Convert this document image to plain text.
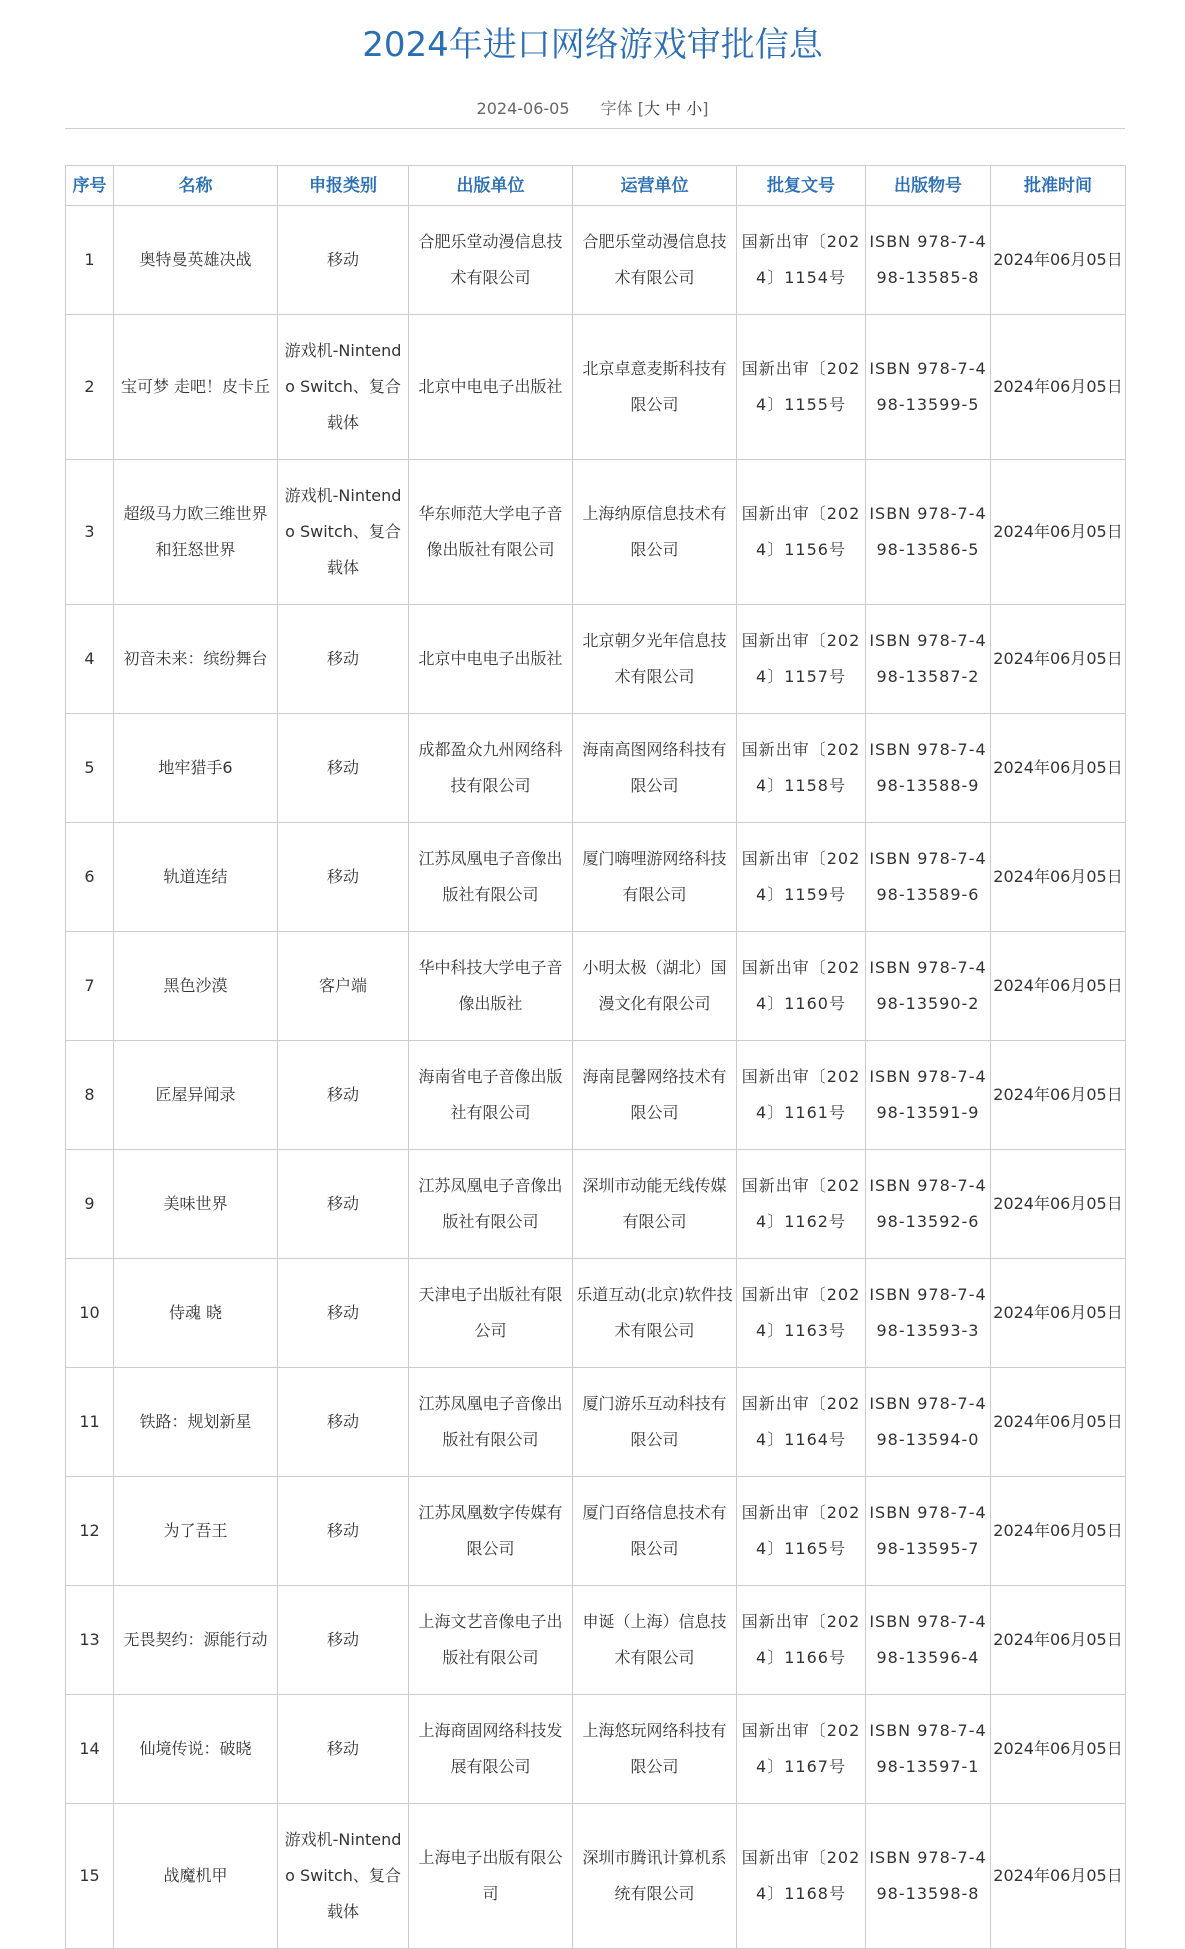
2024年进口网络游戏审批信息
2024-06-05 字体 [大 中 小]
序号	名称	申报类别	出版单位	运营单位	批复文号	出版物号	批准时间
1	奥特曼英雄决战	移动	合肥乐堂动漫信息技术有限公司	合肥乐堂动漫信息技术有限公司	国新出审〔2024〕1154号	ISBN 978-7-498-13585-8	2024年06月05日
2	宝可梦 走吧！皮卡丘	游戏机-Nintendo Switch、复合载体	北京中电电子出版社	北京卓意麦斯科技有限公司	国新出审〔2024〕1155号	ISBN 978-7-498-13599-5	2024年06月05日
3	超级马力欧三维世界和狂怒世界	游戏机-Nintendo Switch、复合载体	华东师范大学电子音像出版社有限公司	上海纳原信息技术有限公司	国新出审〔2024〕1156号	ISBN 978-7-498-13586-5	2024年06月05日
4	初音未来：缤纷舞台	移动	北京中电电子出版社	北京朝夕光年信息技术有限公司	国新出审〔2024〕1157号	ISBN 978-7-498-13587-2	2024年06月05日
5	地牢猎手6	移动	成都盈众九州网络科技有限公司	海南高图网络科技有限公司	国新出审〔2024〕1158号	ISBN 978-7-498-13588-9	2024年06月05日
6	轨道连结	移动	江苏凤凰电子音像出版社有限公司	厦门嗨哩游网络科技有限公司	国新出审〔2024〕1159号	ISBN 978-7-498-13589-6	2024年06月05日
7	黑色沙漠	客户端	华中科技大学电子音像出版社	小明太极（湖北）国漫文化有限公司	国新出审〔2024〕1160号	ISBN 978-7-498-13590-2	2024年06月05日
8	匠屋异闻录	移动	海南省电子音像出版社有限公司	海南昆馨网络技术有限公司	国新出审〔2024〕1161号	ISBN 978-7-498-13591-9	2024年06月05日
9	美味世界	移动	江苏凤凰电子音像出版社有限公司	深圳市动能无线传媒有限公司	国新出审〔2024〕1162号	ISBN 978-7-498-13592-6	2024年06月05日
10	侍魂 晓	移动	天津电子出版社有限公司	乐道互动(北京)软件技术有限公司	国新出审〔2024〕1163号	ISBN 978-7-498-13593-3	2024年06月05日
11	铁路：规划新星	移动	江苏凤凰电子音像出版社有限公司	厦门游乐互动科技有限公司	国新出审〔2024〕1164号	ISBN 978-7-498-13594-0	2024年06月05日
12	为了吾王	移动	江苏凤凰数字传媒有限公司	厦门百络信息技术有限公司	国新出审〔2024〕1165号	ISBN 978-7-498-13595-7	2024年06月05日
13	无畏契约：源能行动	移动	上海文艺音像电子出版社有限公司	申诞（上海）信息技术有限公司	国新出审〔2024〕1166号	ISBN 978-7-498-13596-4	2024年06月05日
14	仙境传说：破晓	移动	上海商固网络科技发展有限公司	上海悠玩网络科技有限公司	国新出审〔2024〕1167号	ISBN 978-7-498-13597-1	2024年06月05日
15	战魔机甲	游戏机-Nintendo Switch、复合载体	上海电子出版有限公司	深圳市腾讯计算机系统有限公司	国新出审〔2024〕1168号	ISBN 978-7-498-13598-8	2024年06月05日
